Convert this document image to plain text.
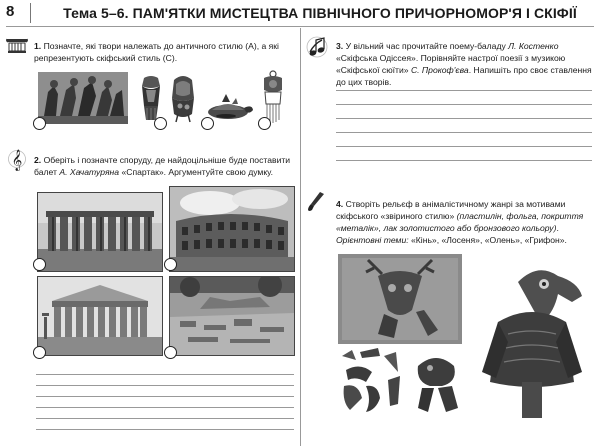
8	Тема 5–6. ПАМ'ЯТКИ МИСТЕЦТВА ПІВНІЧНОГО ПРИЧОРНОМОР'Я І СКІФІЇ
1. Позначте, які твори належать до античного стилю (А), а які репрезентують скіфський стиль (С).
𝄞 2. Оберіть і позначте споруду, де найдоцільніше буде поставити балет А. Хачатуряна «Спартак». Аргументуйте свою думку.
3. У вільний час прочитайте поему-баладу Л. Костенко «Скіфська Одіссея». Порівняйте настрої поезії з музикою «Скіфської сюїти» С. Прокоф'єва. Напишіть про своє ставлення до цих творів.
4. Створіть рельєф в анімалістичному жанрі за мотивами скіфського «звіриного стилю» (пластилін, фольга, покриття «металік», лак золотистого або бронзового кольору). Орієнтовні теми: «Кінь», «Лосеня», «Олень», «Грифон».
